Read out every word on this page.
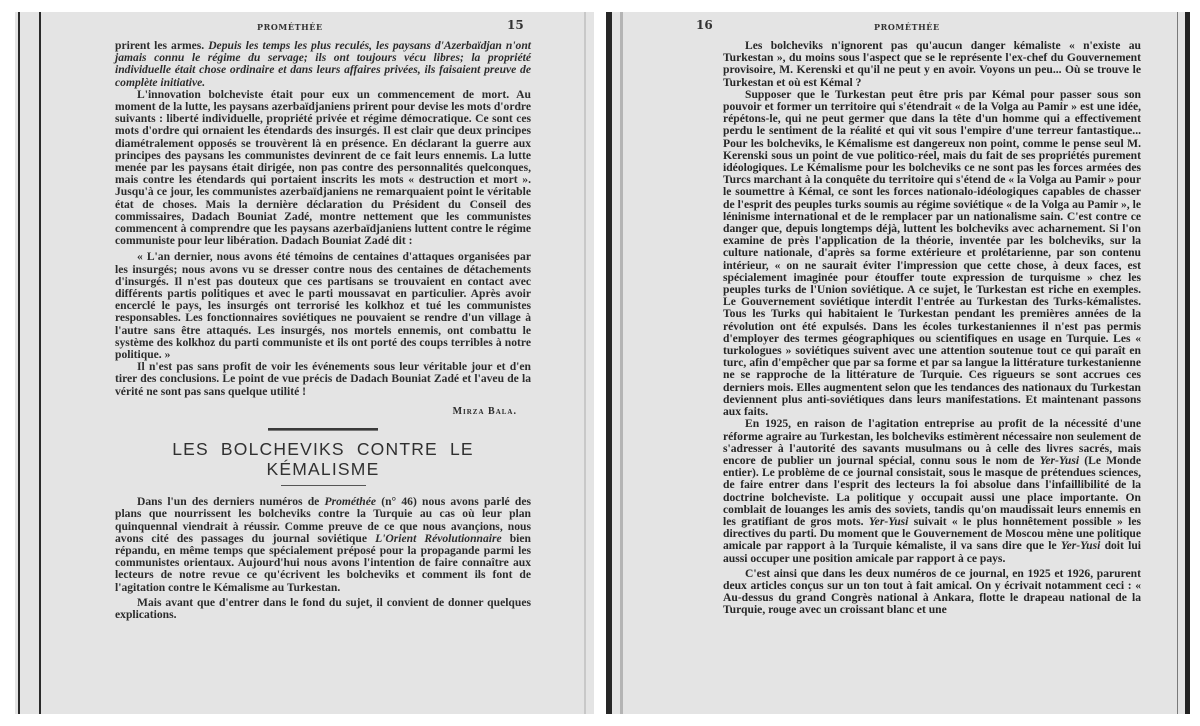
PROMÉTHÉE	15

prirent les armes. Depuis les temps les plus reculés, les paysans d'Azerbaïdjan n'ont jamais connu le régime du servage; ils ont toujours vécu libres; la propriété individuelle était chose ordinaire et dans leurs affaires privées, ils faisaient preuve de complète initiative.

L'innovation bolcheviste était pour eux un commencement de mort. Au moment de la lutte, les paysans azerbaïdjaniens prirent pour devise les mots d'ordre suivants : liberté individuelle, propriété privée et régime démocratique. Ce sont ces mots d'ordre qui ornaient les étendards des insurgés. Il est clair que deux principes diamétralement opposés se trouvèrent là en présence. En déclarant la guerre aux principes des paysans les communistes devinrent de ce fait leurs ennemis. La lutte menée par les paysans était dirigée, non pas contre des personnalités quelconques, mais contre les étendards qui portaient inscrits les mots « destruction et mort ». Jusqu'à ce jour, les communistes azerbaïdjaniens ne remarquaient point le véritable état de choses. Mais la dernière déclaration du Président du Conseil des commissaires, Dadach Bouniat Zadé, montre nettement que les communistes commencent à comprendre que les paysans azerbaïdjaniens luttent contre le régime communiste pour leur libération. Dadach Bouniat Zadé dit :

« L'an dernier, nous avons été témoins de centaines d'attaques organisées par les insurgés; nous avons vu se dresser contre nous des centaines de détachements d'insurgés. Il n'est pas douteux que ces partisans se trouvaient en contact avec différents partis politiques et avec le parti moussavat en particulier. Après avoir encerclé le pays, les insurgés ont terrorisé les kolkhoz et tué les communistes responsables. Les fonctionnaires soviétiques ne pouvaient se rendre d'un village à l'autre sans être attaqués. Les insurgés, nos mortels ennemis, ont combattu le système des kolkhoz du parti communiste et ils ont porté des coups terribles à notre politique. »

Il n'est pas sans profit de voir les événements sous leur véritable jour et d'en tirer des conclusions. Le point de vue précis de Dadach Bouniat Zadé et l'aveu de la vérité ne sont pas sans quelque utilité !

Mirza Bala.
LES BOLCHEVIKS CONTRE LE KÉMALISME

Dans l'un des derniers numéros de Prométhée (n° 46) nous avons parlé des plans que nourrissent les bolcheviks contre la Turquie au cas où leur plan quinquennal viendrait à réussir. Comme preuve de ce que nous avançions, nous avons cité des passages du journal soviétique L'Orient Révolutionnaire bien répandu, en même temps que spécialement préposé pour la propagande parmi les communistes orientaux. Aujourd'hui nous avons l'intention de faire connaître aux lecteurs de notre revue ce qu'écrivent les bolcheviks et comment ils font de l'agitation contre le Kémalisme au Turkestan.

Mais avant que d'entrer dans le fond du sujet, il convient de donner quelques explications.

16	PROMÉTHÉE

Les bolcheviks n'ignorent pas qu'aucun danger kémaliste « n'existe au Turkestan », du moins sous l'aspect que se le représente l'ex-chef du Gouvernement provisoire, M. Kerenski et qu'il ne peut y en avoir. Voyons un peu... Où se trouve le Turkestan et où est Kémal ?

Supposer que le Turkestan peut être pris par Kémal pour passer sous son pouvoir et former un territoire qui s'étendrait « de la Volga au Pamir » est une idée, répétons-le, qui ne peut germer que dans la tête d'un homme qui a effectivement perdu le sentiment de la réalité et qui vit sous l'empire d'une terreur fantastique... Pour les bolcheviks, le Kémalisme est dangereux non point, comme le pense seul M. Kerenski sous un point de vue politico-réel, mais du fait de ses propriétés purement idéologiques. Le Kémalisme pour les bolcheviks ce ne sont pas les forces armées des Turcs marchant à la conquête du territoire qui s'étend de « la Volga au Pamir » pour le soumettre à Kémal, ce sont les forces nationalo-idéologiques capables de chasser de l'esprit des peuples turks soumis au régime soviétique « de la Volga au Pamir », le léninisme international et de le remplacer par un nationalisme sain. C'est contre ce danger que, depuis longtemps déjà, luttent les bolcheviks avec acharnement. Si l'on examine de près l'application de la théorie, inventée par les bolcheviks, sur la culture nationale, d'après sa forme extérieure et prolétarienne, par son contenu intérieur, « on ne saurait éviter l'impression que cette chose, à deux faces, est spécialement imaginée pour étouffer toute expression de turquisme » chez les peuples turks de l'Union soviétique. A ce sujet, le Turkestan est riche en exemples. Le Gouvernement soviétique interdit l'entrée au Turkestan des Turks-kémalistes. Tous les Turks qui habitaient le Turkestan pendant les premières années de la révolution ont été expulsés. Dans les écoles turkestaniennes il n'est pas permis d'employer des termes géographiques ou scientifiques en usage en Turquie. Les « turkologues » soviétiques suivent avec une attention soutenue tout ce qui paraît en turc, afin d'empêcher que par sa forme et par sa langue la littérature turkestanienne ne se rapproche de la littérature de Turquie. Ces rigueurs se sont accrues ces derniers mois. Elles augmentent selon que les tendances des nationaux du Turkestan deviennent plus anti-soviétiques dans leurs manifestations. Et maintenant passons aux faits.

En 1925, en raison de l'agitation entreprise au profit de la nécessité d'une réforme agraire au Turkestan, les bolcheviks estimèrent nécessaire non seulement de s'adresser à l'autorité des savants musulmans ou à celle des livres sacrés, mais encore de publier un journal spécial, connu sous le nom de Yer-Yusi (Le Monde entier). Le problème de ce journal consistait, sous le masque de prétendues sciences, de faire entrer dans l'esprit des lecteurs la foi absolue dans l'infaillibilité de la doctrine bolcheviste. La politique y occupait aussi une place importante. On comblait de louanges les amis des soviets, tandis qu'on maudissait leurs ennemis en les gratifiant de gros mots. Yer-Yusi suivait « le plus honnêtement possible » les directives du parti. Du moment que le Gouvernement de Moscou mène une politique amicale par rapport à la Turquie kémaliste, il va sans dire que le Yer-Yusi doit lui aussi occuper une position amicale par rapport à ce pays.

C'est ainsi que dans les deux numéros de ce journal, en 1925 et 1926, parurent deux articles conçus sur un ton tout à fait amical. On y écrivait notamment ceci : « Au-dessus du grand Congrès national à Ankara, flotte le drapeau national de la Turquie, rouge avec un croissant blanc et une
